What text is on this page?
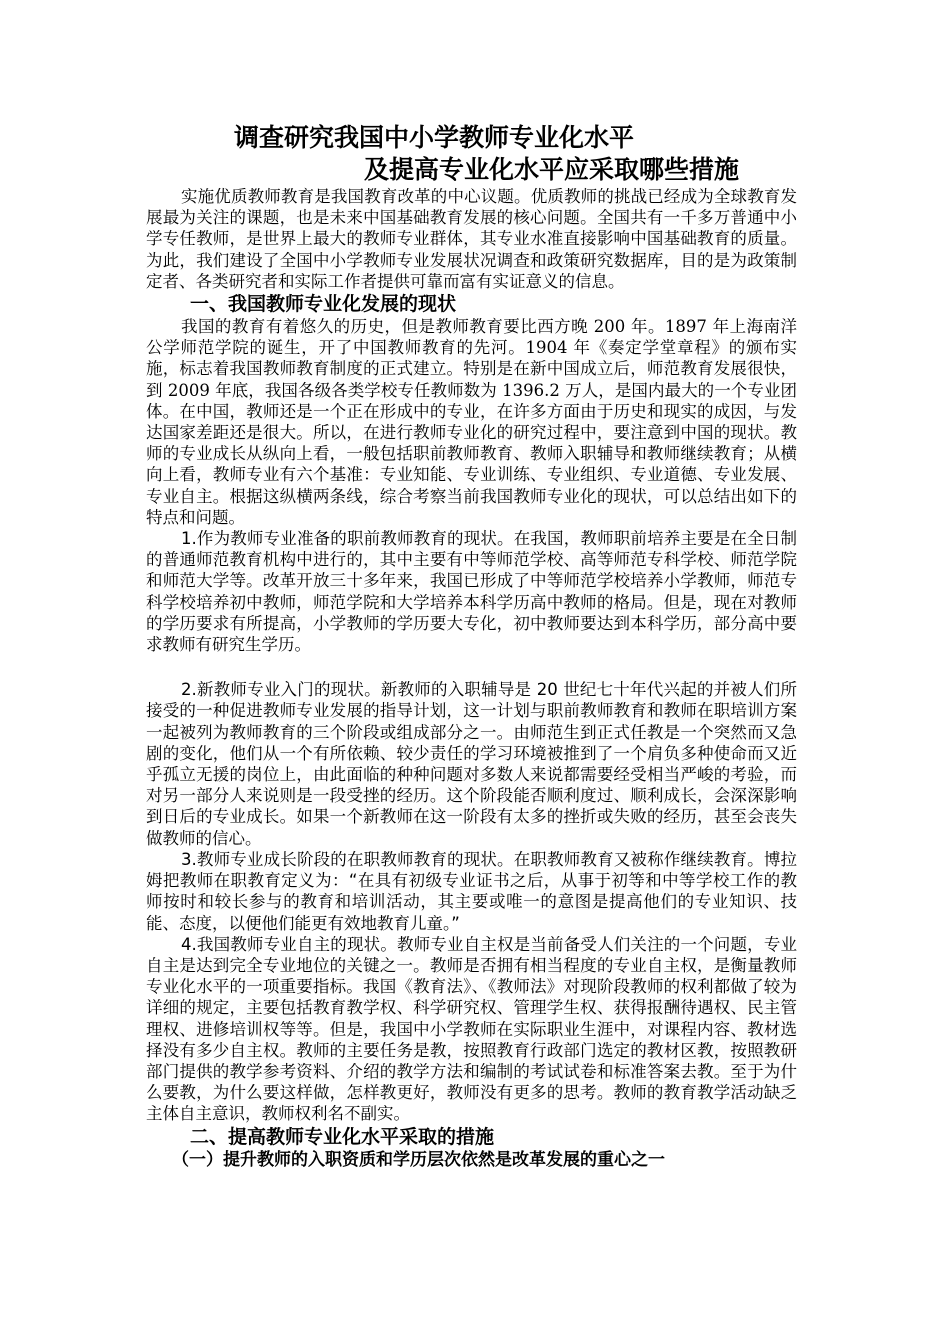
调查研究我国中小学教师专业化水平
及提高专业化水平应采取哪些措施

实施优质教师教育是我国教育改革的中心议题。优质教师的挑战已经成为全球教育发展最为关注的课题，也是未来中国基础教育发展的核心问题。全国共有一千多万普通中小学专任教师，是世界上最大的教师专业群体，其专业水准直接影响中国基础教育的质量。为此，我们建设了全国中小学教师专业发展状况调查和政策研究数据库，目的是为政策制定者、各类研究者和实际工作者提供可靠而富有实证意义的信息。

一、我国教师专业化发展的现状

我国的教育有着悠久的历史，但是教师教育要比西方晚 200 年。1897 年上海南洋公学师范学院的诞生，开了中国教师教育的先河。1904 年《奏定学堂章程》的颁布实施，标志着我国教师教育制度的正式建立。特别是在新中国成立后，师范教育发展很快，到 2009 年底，我国各级各类学校专任教师数为 1396.2 万人，是国内最大的一个专业团体。在中国，教师还是一个正在形成中的专业，在许多方面由于历史和现实的成因，与发达国家差距还是很大。所以，在进行教师专业化的研究过程中，要注意到中国的现状。教师的专业成长从纵向上看，一般包括职前教师教育、教师入职辅导和教师继续教育；从横向上看，教师专业有六个基准：专业知能、专业训练、专业组织、专业道德、专业发展、专业自主。根据这纵横两条线，综合考察当前我国教师专业化的现状，可以总结出如下的特点和问题。

1.作为教师专业准备的职前教师教育的现状。在我国，教师职前培养主要是在全日制的普通师范教育机构中进行的，其中主要有中等师范学校、高等师范专科学校、师范学院和师范大学等。改革开放三十多年来，我国已形成了中等师范学校培养小学教师，师范专科学校培养初中教师，师范学院和大学培养本科学历高中教师的格局。但是，现在对教师的学历要求有所提高，小学教师的学历要大专化，初中教师要达到本科学历，部分高中要求教师有研究生学历。

2.新教师专业入门的现状。新教师的入职辅导是 20 世纪七十年代兴起的并被人们所接受的一种促进教师专业发展的指导计划，这一计划与职前教师教育和教师在职培训方案一起被列为教师教育的三个阶段或组成部分之一。由师范生到正式任教是一个突然而又急剧的变化，他们从一个有所依赖、较少责任的学习环境被推到了一个肩负多种使命而又近乎孤立无援的岗位上，由此面临的种种问题对多数人来说都需要经受相当严峻的考验，而对另一部分人来说则是一段受挫的经历。这个阶段能否顺利度过、顺利成长，会深深影响到日后的专业成长。如果一个新教师在这一阶段有太多的挫折或失败的经历，甚至会丧失做教师的信心。

3.教师专业成长阶段的在职教师教育的现状。在职教师教育又被称作继续教育。博拉姆把教师在职教育定义为：“在具有初级专业证书之后，从事于初等和中等学校工作的教师按时和较长参与的教育和培训活动，其主要或唯一的意图是提高他们的专业知识、技能、态度，以便他们能更有效地教育儿童。”

4.我国教师专业自主的现状。教师专业自主权是当前备受人们关注的一个问题，专业自主是达到完全专业地位的关键之一。教师是否拥有相当程度的专业自主权，是衡量教师专业化水平的一项重要指标。我国《教育法》、《教师法》对现阶段教师的权利都做了较为详细的规定，主要包括教育教学权、科学研究权、管理学生权、获得报酬待遇权、民主管理权、进修培训权等等。但是，我国中小学教师在实际职业生涯中，对课程内容、教材选择没有多少自主权。教师的主要任务是教，按照教育行政部门选定的教材区教，按照教研部门提供的教学参考资料、介绍的教学方法和编制的考试试卷和标准答案去教。至于为什么要教，为什么要这样做，怎样教更好，教师没有更多的思考。教师的教育教学活动缺乏主体自主意识，教师权利名不副实。

二、提高教师专业化水平采取的措施
（一）提升教师的入职资质和学历层次依然是改革发展的重心之一
